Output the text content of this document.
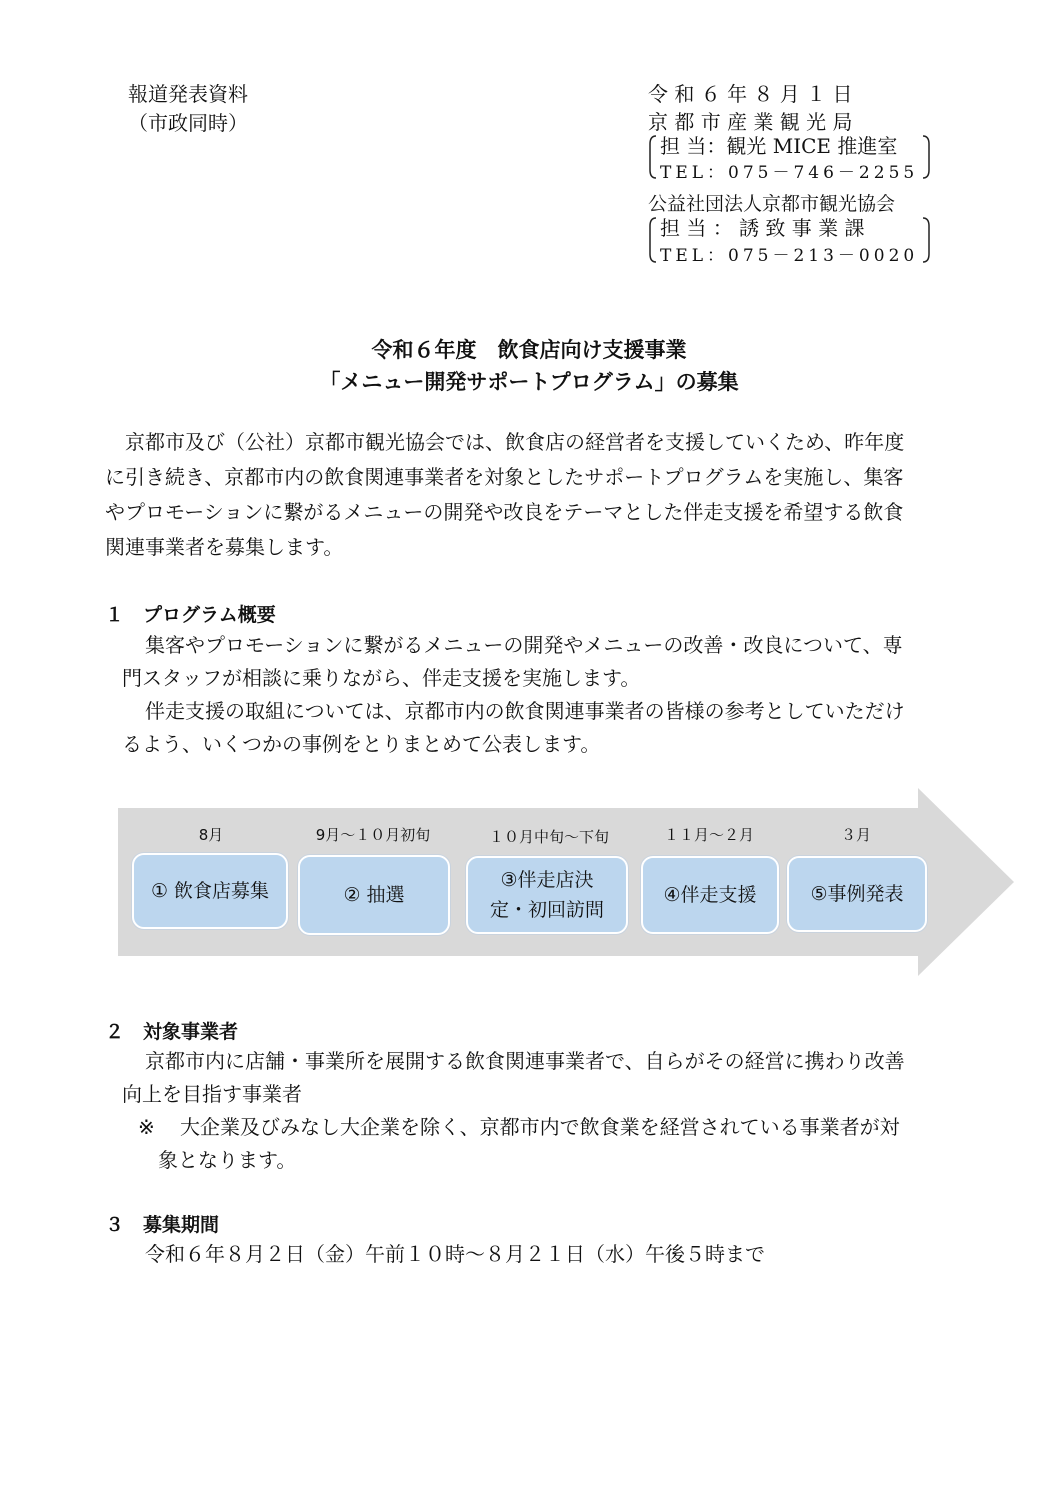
報道発表資料
（市政同時）
令 和 ６ 年 ８ 月 １ 日
京 都 市 産 業 観 光 局
担 当：観光 MICE 推進室
TEL：075－746－2255
公益社団法人京都市観光協会
担 当 ： 誘 致 事 業 課
TEL：075－213－0020
令和６年度　飲食店向け支援事業
「メニュー開発サポートプログラム」の募集
　京都市及び（公社）京都市観光協会では、飲食店の経営者を支援していくため、昨年度
に引き続き、京都市内の飲食関連事業者を対象としたサポートプログラムを実施し、集客
やプロモーションに繋がるメニューの開発や改良をテーマとした伴走支援を希望する飲食
関連事業者を募集します。
１ プログラム概要
集客やプロモーションに繋がるメニューの開発やメニューの改善・改良について、専
門スタッフが相談に乗りながら、伴走支援を実施します。
伴走支援の取組については、京都市内の飲食関連事業者の皆様の参考としていただけ
るよう、いくつかの事例をとりまとめて公表します。
8月	9月～１０月初旬	１０月中旬～下旬	１１月～２月	３月
① 飲食店募集	② 抽選
③伴走店決定・初回訪問
④伴走支援	⑤事例発表
２ 対象事業者
京都市内に店舗・事業所を展開する飲食関連事業者で、自らがその経営に携わり改善
向上を目指す事業者
※ 大企業及びみなし大企業を除く、京都市内で飲食業を経営されている事業者が対
象となります。
３ 募集期間
令和６年８月２日（金）午前１０時～８月２１日（水）午後５時まで
